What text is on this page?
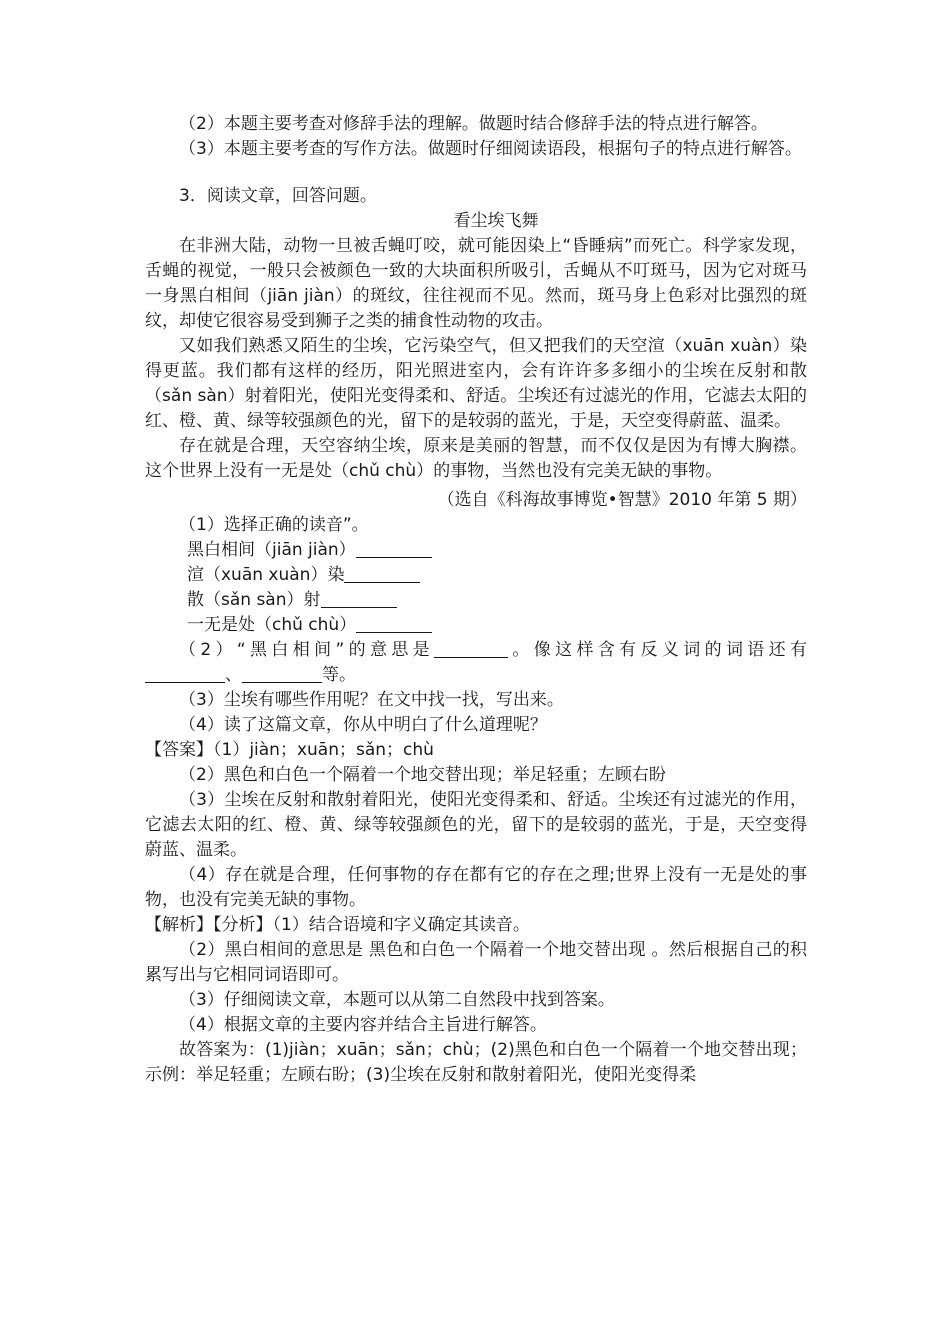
（2）本题主要考查对修辞手法的理解。做题时结合修辞手法的特点进行解答。

（3）本题主要考查的写作方法。做题时仔细阅读语段，根据句子的特点进行解答。

3．阅读文章，回答问题。

看尘埃飞舞

在非洲大陆，动物一旦被舌蝇叮咬，就可能因染上“昏睡病”而死亡。科学家发现，舌蝇的视觉，一般只会被颜色一致的大块面积所吸引，舌蝇从不叮斑马，因为它对斑马一身黑白相间（jiān jiàn）的斑纹，往往视而不见。然而，斑马身上色彩对比强烈的斑纹，却使它很容易受到狮子之类的捕食性动物的攻击。

又如我们熟悉又陌生的尘埃，它污染空气，但又把我们的天空渲（xuān xuàn）染得更蓝。我们都有这样的经历，阳光照进室内，会有许许多多细小的尘埃在反射和散（sǎn sàn）射着阳光，使阳光变得柔和、舒适。尘埃还有过滤光的作用，它滤去太阳的红、橙、黄、绿等较强颜色的光，留下的是较弱的蓝光，于是，天空变得蔚蓝、温柔。

存在就是合理，天空容纳尘埃，原来是美丽的智慧，而不仅仅是因为有博大胸襟。这个世界上没有一无是处（chǔ chù）的事物，当然也没有完美无缺的事物。

（选自《科海故事博览•智慧》2010 年第 5 期）

（1）选择正确的读音”。

黑白相间（jiān jiàn）

渲（xuān xuàn）染

散（sǎn sàn）射

一无是处（chǔ chù）

（2）“黑白相间”的意思是	。像这样含有反义词的词语还有

、	等。

（3）尘埃有哪些作用呢？在文中找一找，写出来。

（4）读了这篇文章，你从中明白了什么道理呢？

【答案】（1）jiàn；xuān；sǎn；chù

（2）黑色和白色一个隔着一个地交替出现；举足轻重；左顾右盼

（3）尘埃在反射和散射着阳光，使阳光变得柔和、舒适。尘埃还有过滤光的作用，它滤去太阳的红、橙、黄、绿等较强颜色的光，留下的是较弱的蓝光，于是，天空变得蔚蓝、温柔。

（4）存在就是合理，任何事物的存在都有它的存在之理;世界上没有一无是处的事物，也没有完美无缺的事物。

【解析】【分析】（1）结合语境和字义确定其读音。

（2）黑白相间的意思是 黑色和白色一个隔着一个地交替出现 。然后根据自己的积累写出与它相同词语即可。

（3）仔细阅读文章，本题可以从第二自然段中找到答案。

（4）根据文章的主要内容并结合主旨进行解答。

故答案为：(1)jiàn；xuān；sǎn；chù；(2)黑色和白色一个隔着一个地交替出现；示例：举足轻重；左顾右盼；(3)尘埃在反射和散射着阳光，使阳光变得柔
